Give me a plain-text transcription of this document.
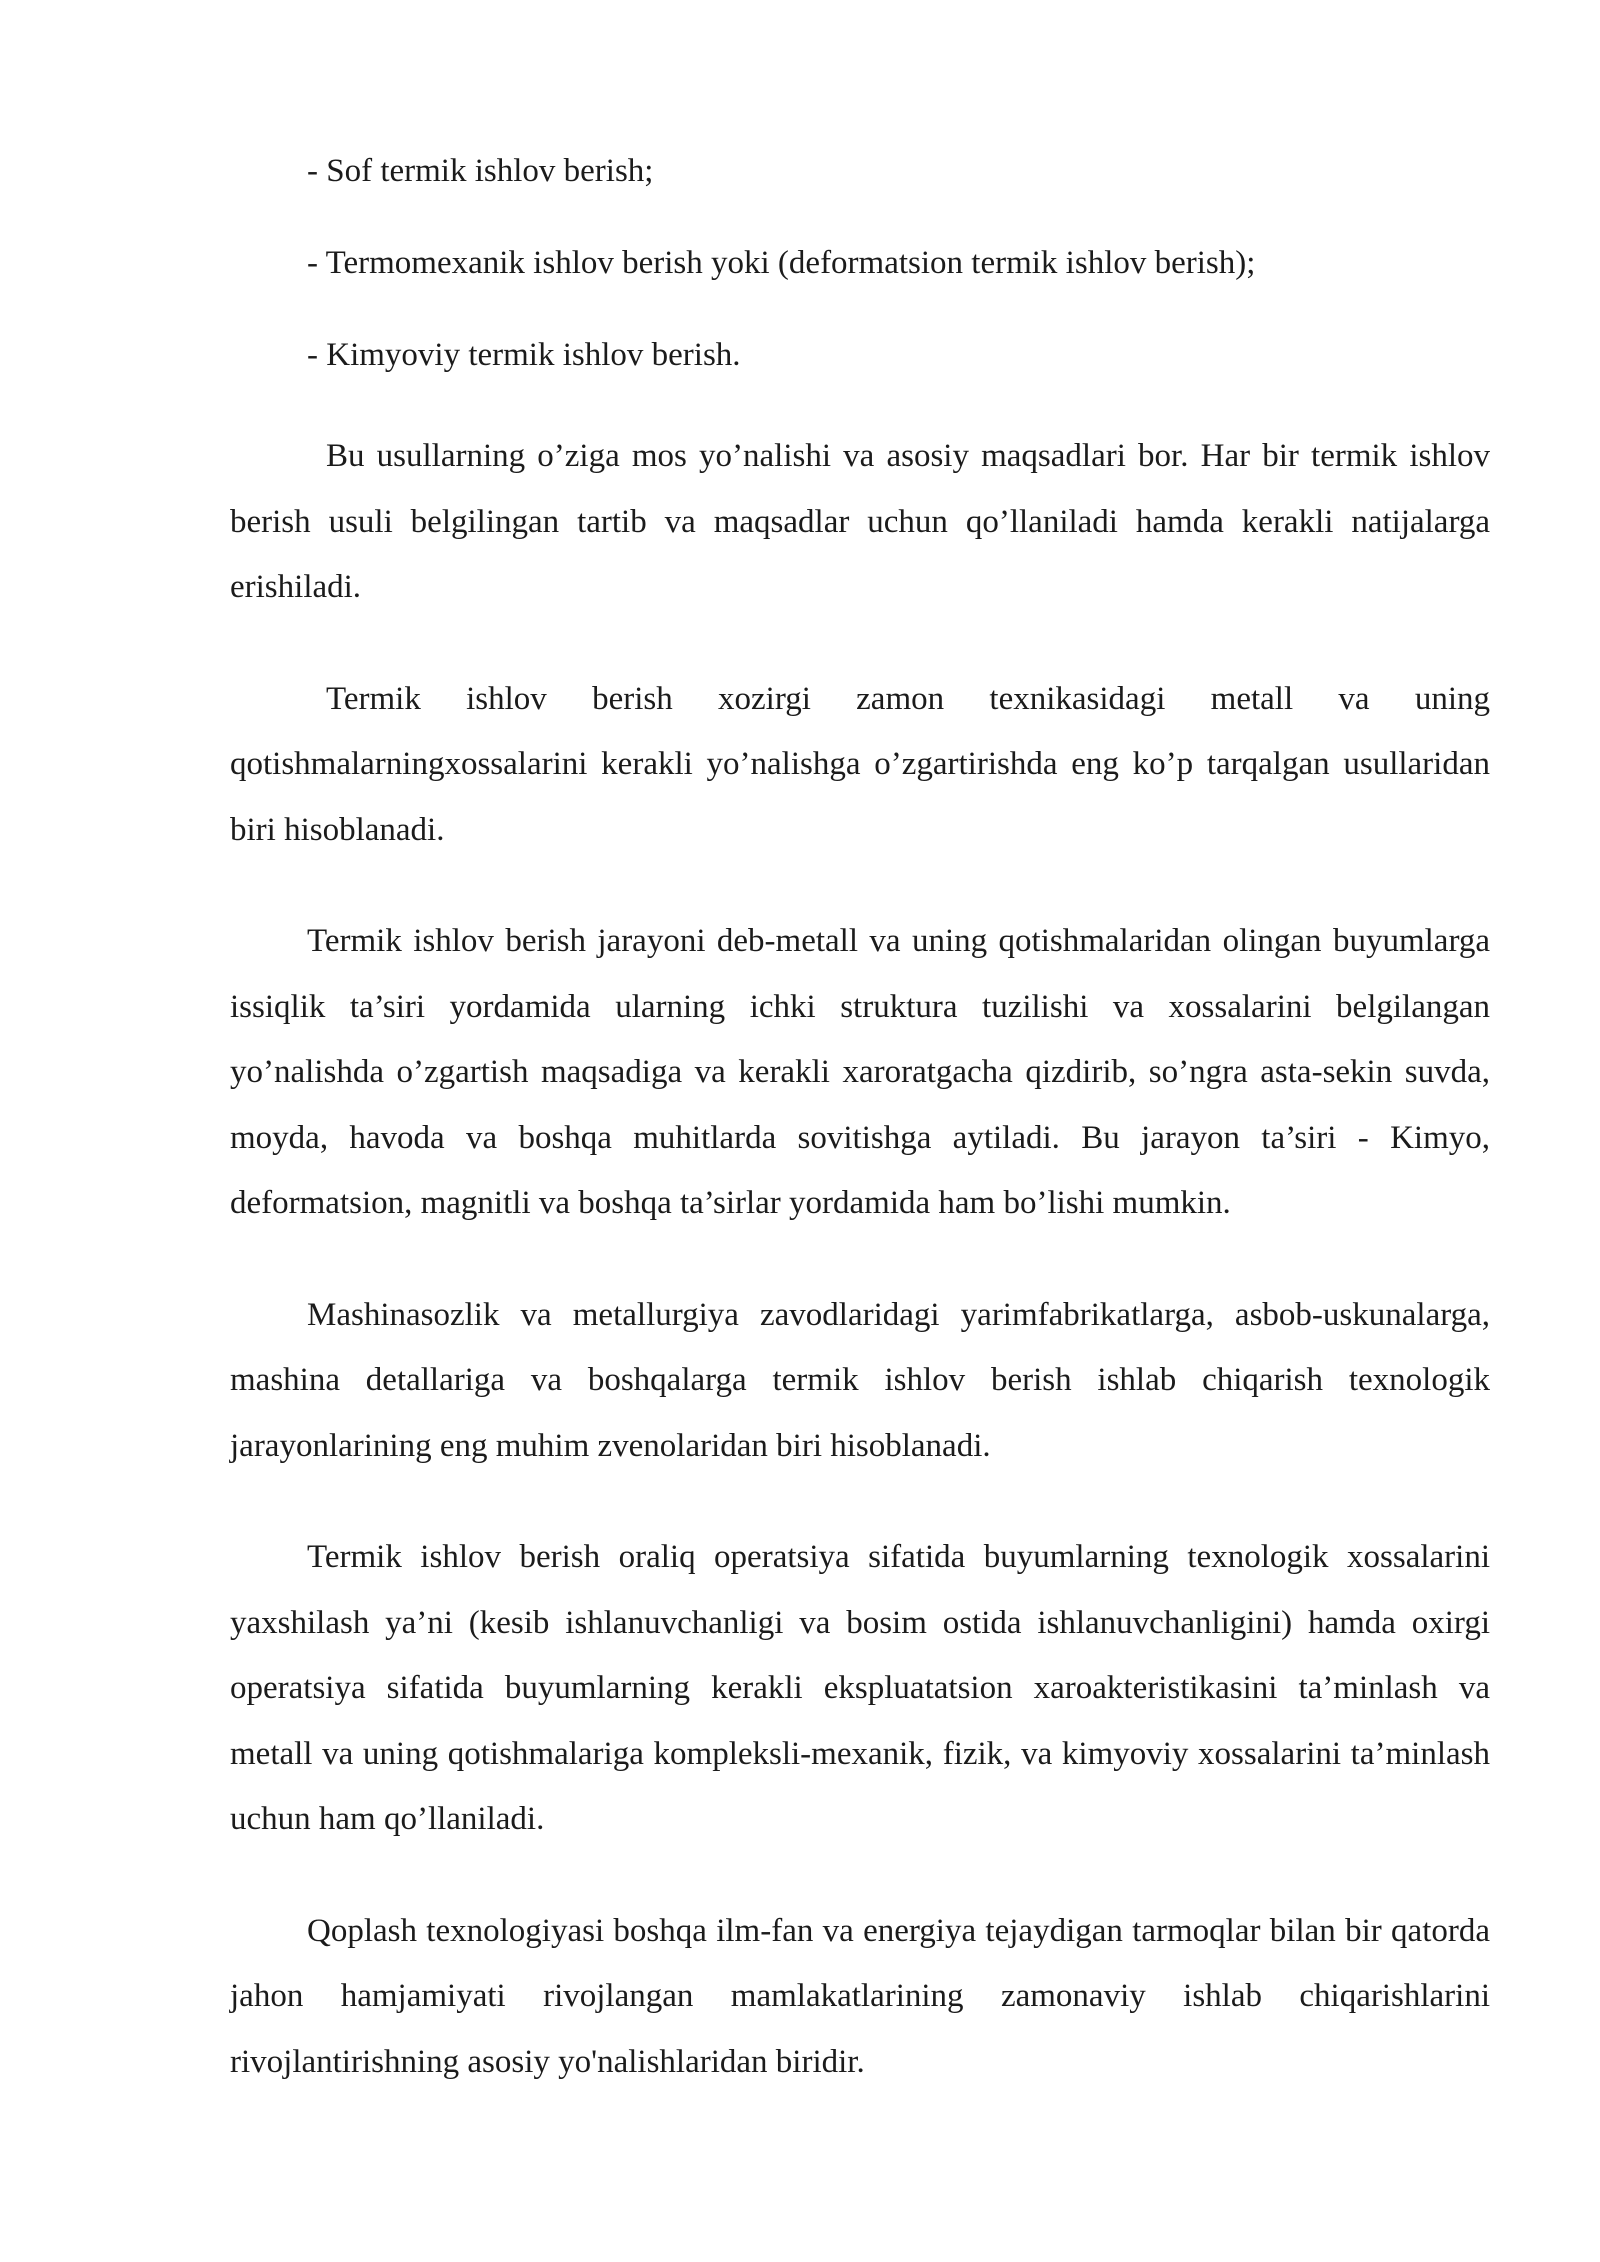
- Sof termik ishlov berish;
- Termomexanik ishlov berish yoki (deformatsion termik ishlov berish);
- Kimyoviy termik ishlov berish.

Bu usullarning o’ziga mos yo’nalishi va asosiy maqsadlari bor. Har bir termik ishlov berish usuli belgilingan tartib va maqsadlar uchun qo’llaniladi hamda kerakli natijalarga erishiladi.

Termik ishlov berish xozirgi zamon texnikasidagi metall va uning qotishmalarningxossalarini kerakli yo’nalishga o’zgartirishda eng ko’p tarqalgan usullaridan biri hisoblanadi.

Termik ishlov berish jarayoni deb-metall va uning qotishmalaridan olingan buyumlarga issiqlik ta’siri yordamida ularning ichki struktura tuzilishi va xossalarini belgilangan yo’nalishda o’zgartish maqsadiga va kerakli xaroratgacha qizdirib, so’ngra asta-sekin suvda, moyda, havoda va boshqa muhitlarda sovitishga aytiladi. Bu jarayon ta’siri - Kimyo, deformatsion, magnitli va boshqa ta’sirlar yordamida ham bo’lishi mumkin.

Mashinasozlik va metallurgiya zavodlaridagi yarimfabrikatlarga, asbob-uskunalarga, mashina detallariga va boshqalarga termik ishlov berish ishlab chiqarish texnologik jarayonlarining eng muhim zvenolaridan biri hisoblanadi.

Termik ishlov berish oraliq operatsiya sifatida buyumlarning texnologik xossalarini yaxshilash ya’ni (kesib ishlanuvchanligi va bosim ostida ishlanuvchanligini) hamda oxirgi operatsiya sifatida buyumlarning kerakli ekspluatatsion xaroakteristikasini ta’minlash va metall va uning qotishmalariga kompleksli-mexanik, fizik, va kimyoviy xossalarini ta’minlash uchun ham qo’llaniladi.

Qoplash texnologiyasi boshqa ilm-fan va energiya tejaydigan tarmoqlar bilan bir qatorda jahon hamjamiyati rivojlangan mamlakatlarining zamonaviy ishlab chiqarishlarini rivojlantirishning asosiy yo'nalishlaridan biridir.
